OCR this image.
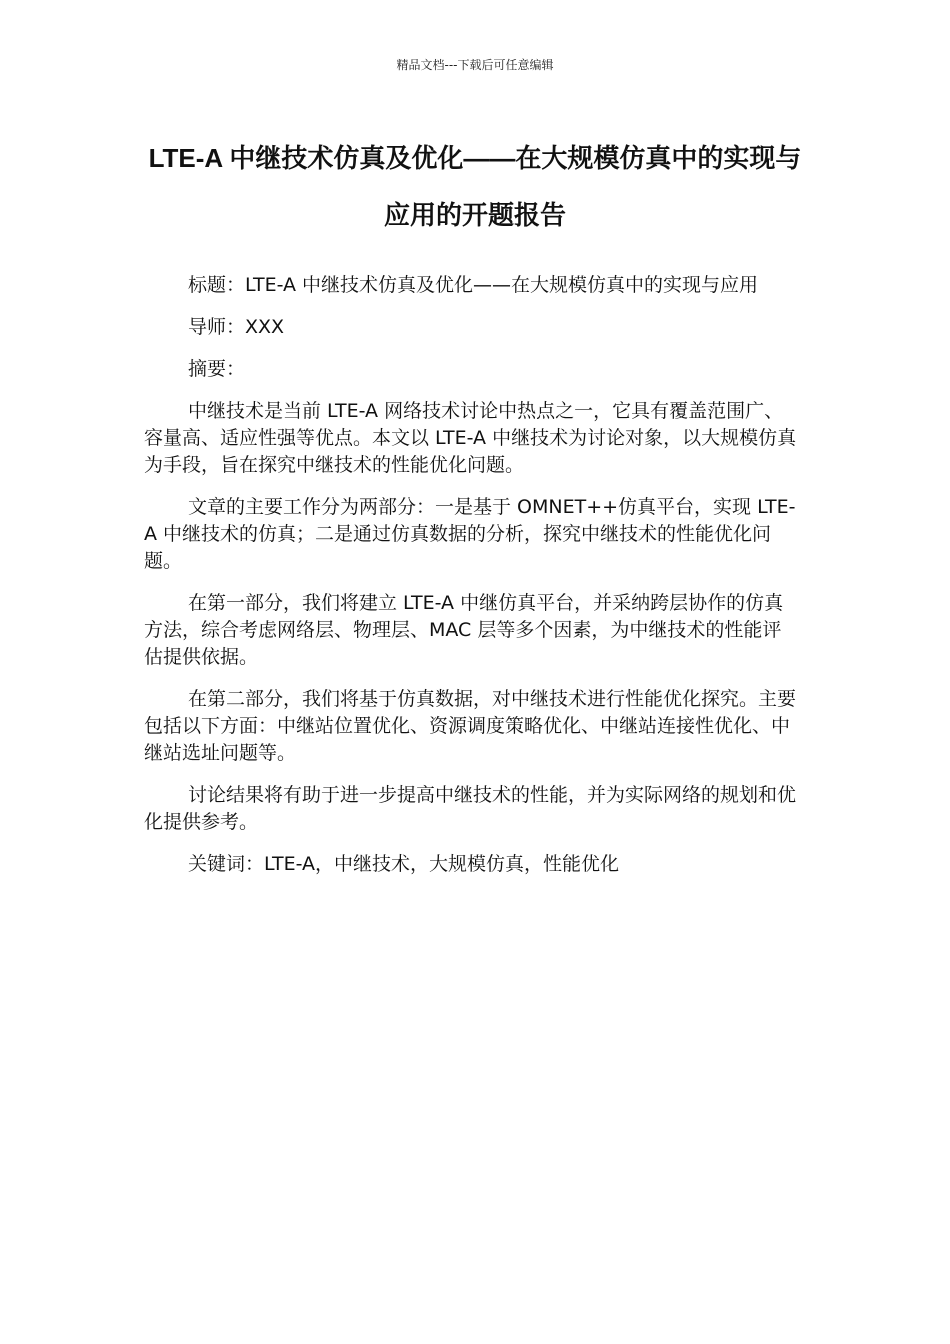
精品文档---下载后可任意编辑
LTE-A 中继技术仿真及优化——在大规模仿真中的实现与应用的开题报告

标题：LTE-A 中继技术仿真及优化——在大规模仿真中的实现与应用

导师：XXX

摘要：

中继技术是当前 LTE-A 网络技术讨论中热点之一，它具有覆盖范围广、容量高、适应性强等优点。本文以 LTE-A 中继技术为讨论对象，以大规模仿真为手段，旨在探究中继技术的性能优化问题。

文章的主要工作分为两部分：一是基于 OMNET++仿真平台，实现 LTE-A 中继技术的仿真；二是通过仿真数据的分析，探究中继技术的性能优化问题。

在第一部分，我们将建立 LTE-A 中继仿真平台，并采纳跨层协作的仿真方法，综合考虑网络层、物理层、MAC 层等多个因素，为中继技术的性能评估提供依据。

在第二部分，我们将基于仿真数据，对中继技术进行性能优化探究。主要包括以下方面：中继站位置优化、资源调度策略优化、中继站连接性优化、中继站选址问题等。

讨论结果将有助于进一步提高中继技术的性能，并为实际网络的规划和优化提供参考。

关键词：LTE-A，中继技术，大规模仿真，性能优化
